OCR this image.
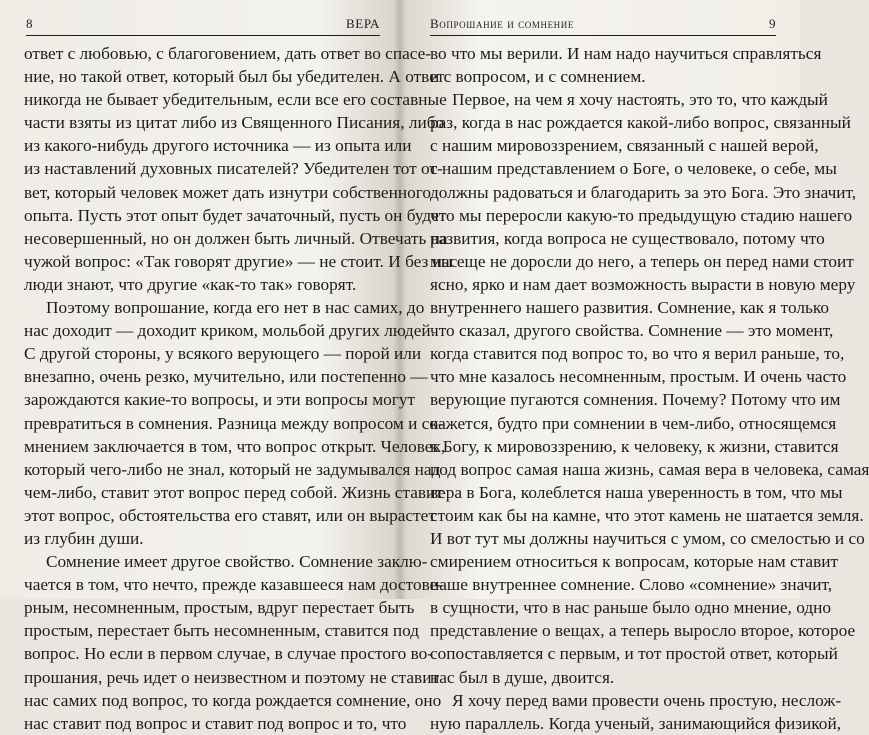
8	ВЕРА
ответ с любовью, с благоговением, дать ответ во спасе-
ние, но такой ответ, который был бы убедителен. А ответ
никогда не бывает убедительным, если все его составные
части взяты из цитат либо из Священного Писания, либо
из какого-нибудь другого источника — из опыта или
из наставлений духовных писателей? Убедителен тот от-
вет, который человек может дать изнутри собственного
опыта. Пусть этот опыт будет зачаточный, пусть он будет
несовершенный, но он должен быть личный. Отвечать на
чужой вопрос: «Так говорят другие» — не стоит. И без нас
люди знают, что другие «как-то так» говорят.
Поэтому вопрошание, когда его нет в нас самих, до
нас доходит — доходит криком, мольбой других людей.
С другой стороны, у всякого верующего — порой или
внезапно, очень резко, мучительно, или постепенно —
зарождаются какие-то вопросы, и эти вопросы могут
превратиться в сомнения. Разница между вопросом и со-
мнением заключается в том, что вопрос открыт. Человек,
который чего-либо не знал, который не задумывался над
чем-либо, ставит этот вопрос перед собой. Жизнь ставит
этот вопрос, обстоятельства его ставят, или он вырастет
из глубин души.
Сомнение имеет другое свойство. Сомнение заклю-
чается в том, что нечто, прежде казавшееся нам достове-
рным, несомненным, простым, вдруг перестает быть
простым, перестает быть несомненным, ставится под
вопрос. Но если в первом случае, в случае простого во-
прошания, речь идет о неизвестном и поэтому не ставит
нас самих под вопрос, то когда рождается сомнение, оно
нас ставит под вопрос и ставит под вопрос и то, что
Вопрошание и сомнение	9
во что мы верили. И нам надо научиться справляться
и с вопросом, и с сомнением.
Первое, на чем я хочу настоять, это то, что каждый
раз, когда в нас рождается какой-либо вопрос, связанный
с нашим мировоззрением, связанный с нашей верой,
с нашим представлением о Боге, о человеке, о себе, мы
должны радоваться и благодарить за это Бога. Это значит,
что мы переросли какую-то предыдущую стадию нашего
развития, когда вопроса не существовало, потому что
мы еще не доросли до него, а теперь он перед нами стоит
ясно, ярко и нам дает возможность вырасти в новую меру
внутреннего нашего развития. Сомнение, как я только
что сказал, другого свойства. Сомнение — это момент,
когда ставится под вопрос то, во что я верил раньше, то,
что мне казалось несомненным, простым. И очень часто
верующие пугаются сомнения. Почему? Потому что им
кажется, будто при сомнении в чем-либо, относящемся
к Богу, к мировоззрению, к человеку, к жизни, ставится
под вопрос самая наша жизнь, самая вера в человека, самая
вера в Бога, колеблется наша уверенность в том, что мы
стоим как бы на камне, что этот камень не шатается земля.
И вот тут мы должны научиться с умом, со смелостью и со
смирением относиться к вопросам, которые нам ставит
наше внутреннее сомнение. Слово «сомнение» значит,
в сущности, что в нас раньше было одно мнение, одно
представление о вещах, а теперь выросло второе, которое
сопоставляется с первым, и тот простой ответ, который
нас был в душе, двоится.
Я хочу перед вами провести очень простую, неслож-
ную параллель. Когда ученый, занимающийся физикой,
